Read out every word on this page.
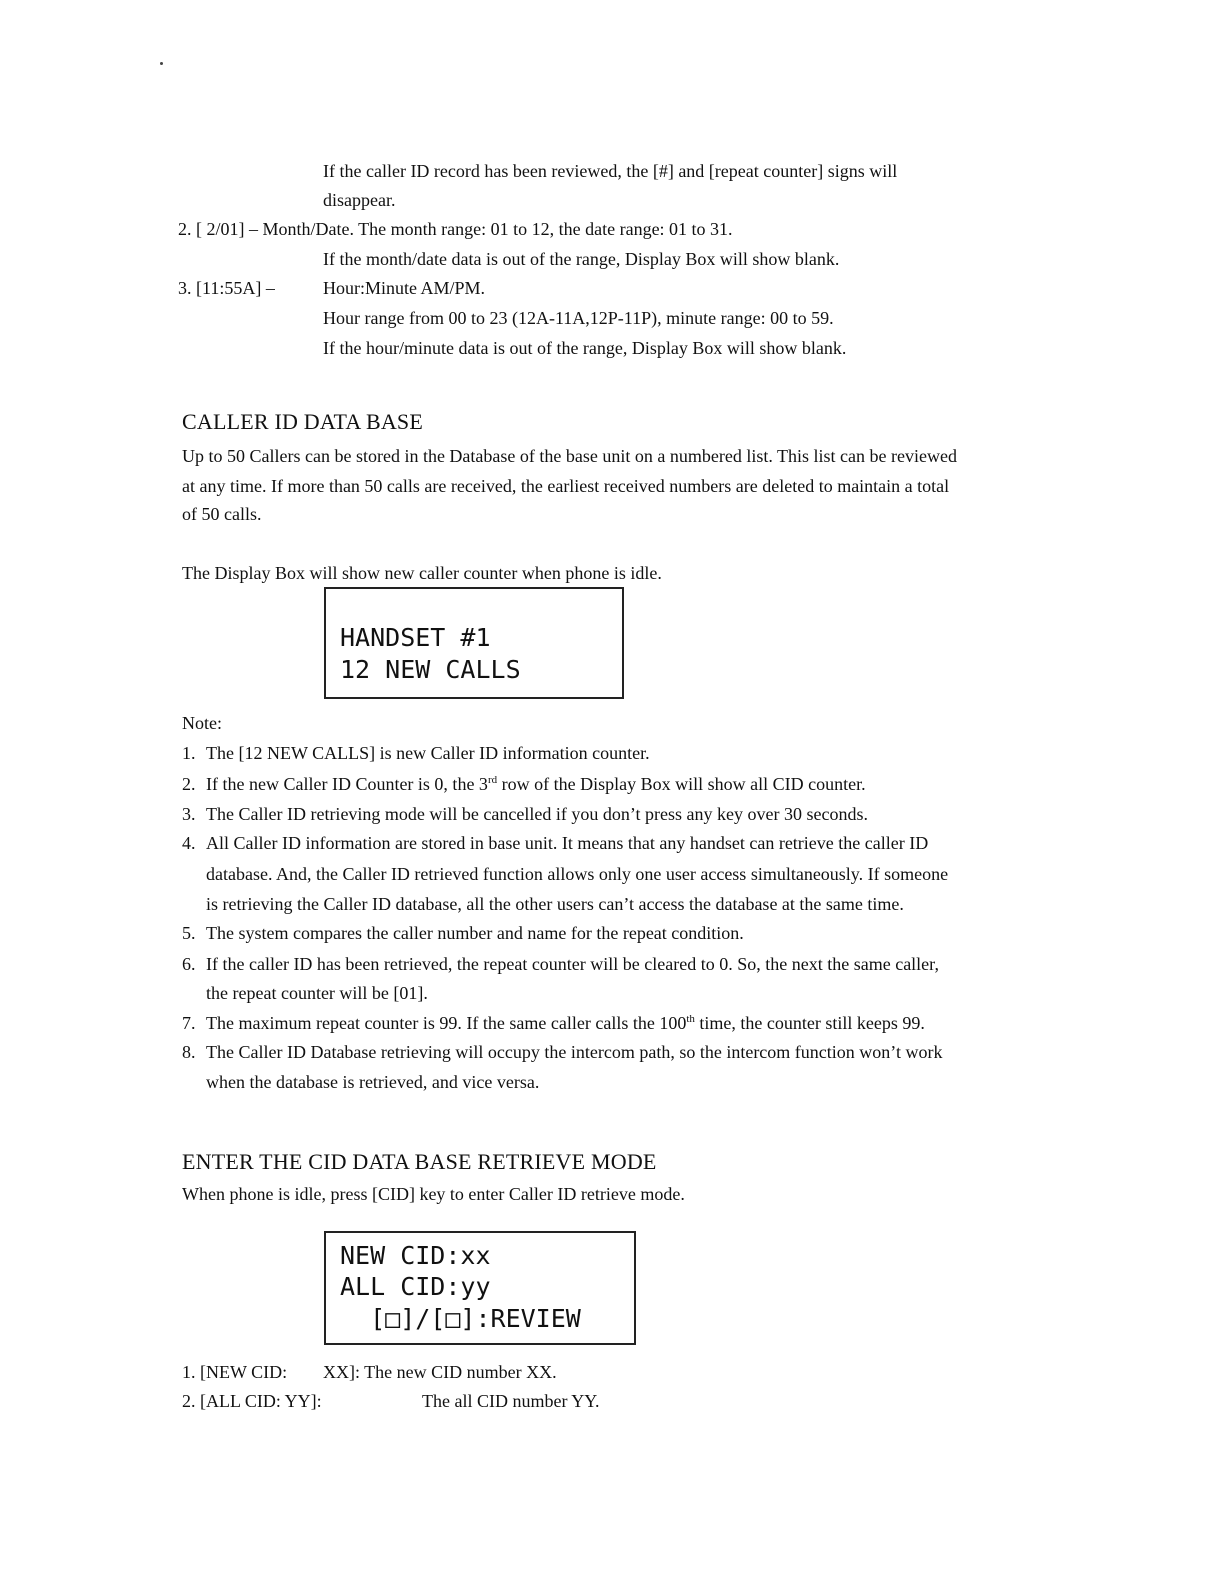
If the caller ID record has been reviewed, the [#] and [repeat counter] signs will
disappear.
2. [ 2/01] – Month/Date. The month range: 01 to 12, the date range: 01 to 31.
If the month/date data is out of the range, Display Box will show blank.
3. [11:55A] –	Hour:Minute AM/PM.
Hour range from 00 to 23 (12A-11A,12P-11P), minute range: 00 to 59.
If the hour/minute data is out of the range, Display Box will show blank.
CALLER ID DATA BASE
Up to 50 Callers can be stored in the Database of the base unit on a numbered list. This list can be reviewed
at any time. If more than 50 calls are received, the earliest received numbers are deleted to maintain a total
of 50 calls.
The Display Box will show new caller counter when phone is idle.
HANDSET #1
12 NEW CALLS
Note:
1. The [12 NEW CALLS] is new Caller ID information counter.
2. If the new Caller ID Counter is 0, the 3rd row of the Display Box will show all CID counter.
3. The Caller ID retrieving mode will be cancelled if you don’t press any key over 30 seconds.
4. All Caller ID information are stored in base unit. It means that any handset can retrieve the caller ID
database. And, the Caller ID retrieved function allows only one user access simultaneously. If someone
is retrieving the Caller ID database, all the other users can’t access the database at the same time.
5. The system compares the caller number and name for the repeat condition.
6. If the caller ID has been retrieved, the repeat counter will be cleared to 0. So, the next the same caller,
the repeat counter will be [01].
7. The maximum repeat counter is 99. If the same caller calls the 100th time, the counter still keeps 99.
8. The Caller ID Database retrieving will occupy the intercom path, so the intercom function won’t work
when the database is retrieved, and vice versa.
ENTER THE CID DATA BASE RETRIEVE MODE
When phone is idle, press [CID] key to enter Caller ID retrieve mode.
NEW CID:xx
ALL CID:yy
[□]/[□]:REVIEW
1. [NEW CID: XX]: The new CID number XX.
2. [ALL CID: YY]:	The all CID number YY.
